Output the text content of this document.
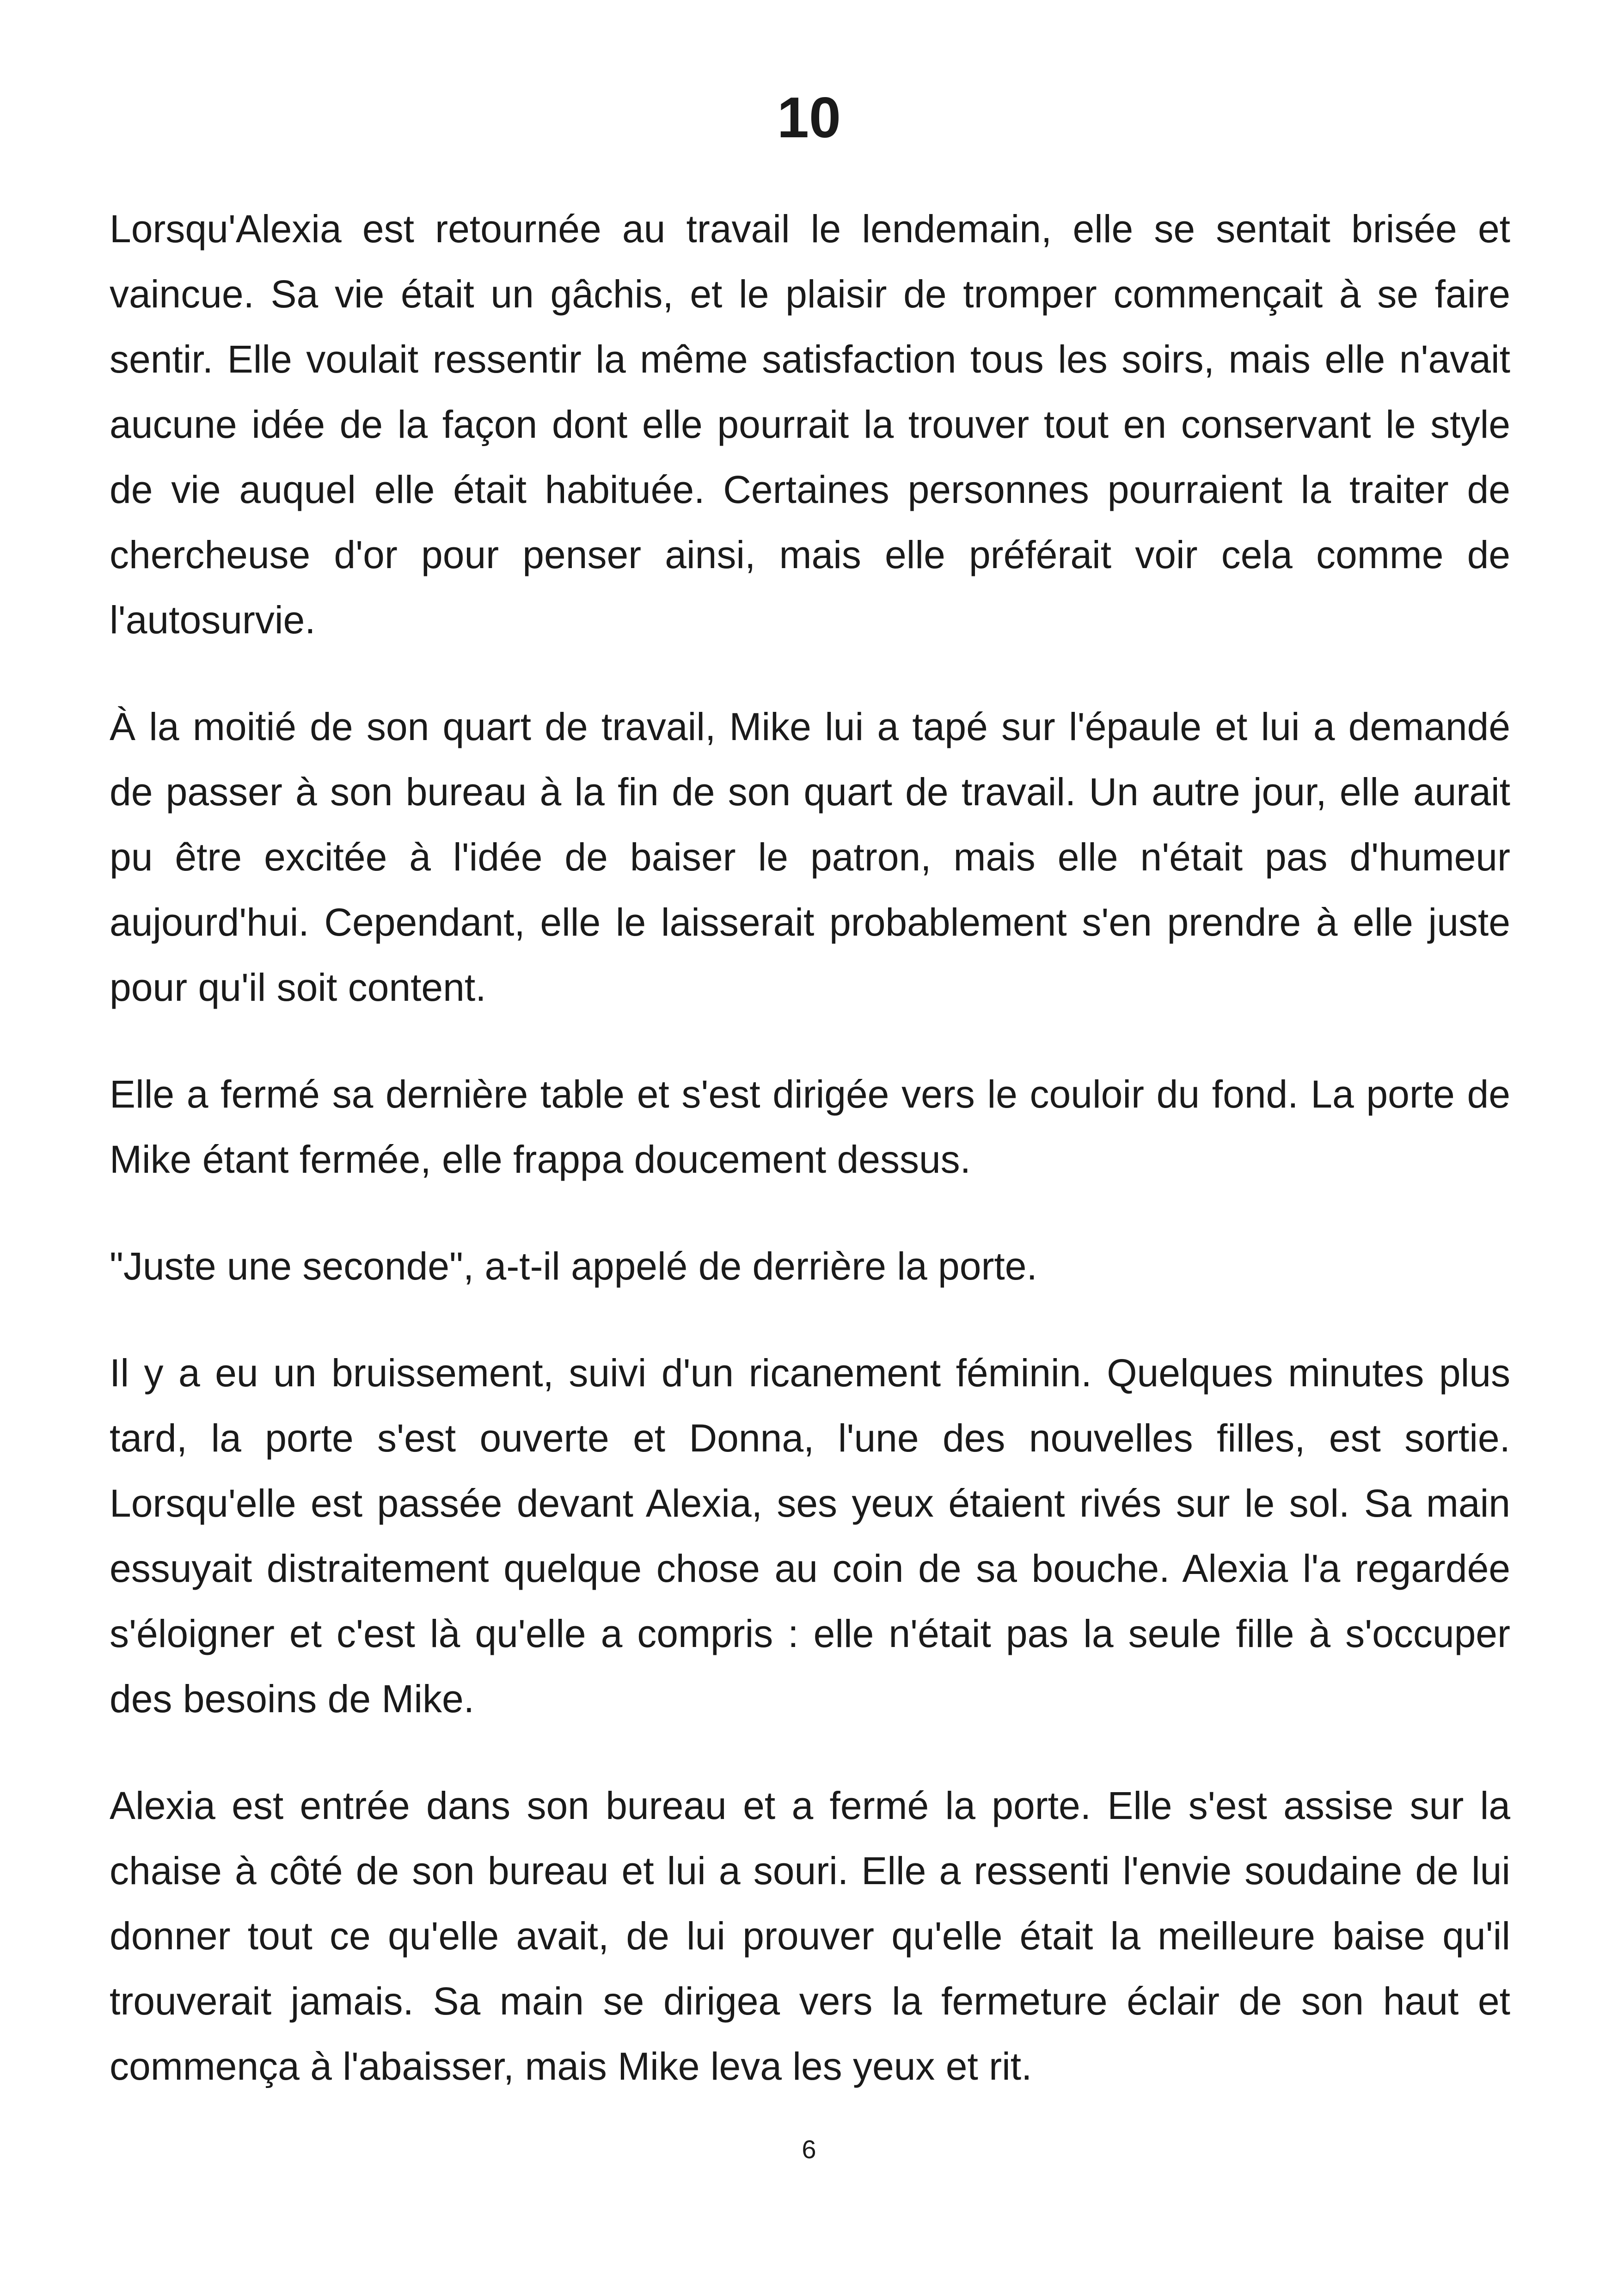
10

Lorsqu'Alexia est retournée au travail le lendemain, elle se sentait brisée et vaincue. Sa vie était un gâchis, et le plaisir de tromper commençait à se faire sentir. Elle voulait ressentir la même satisfaction tous les soirs, mais elle n'avait aucune idée de la façon dont elle pourrait la trouver tout en conservant le style de vie auquel elle était habituée. Certaines personnes pourraient la traiter de chercheuse d'or pour penser ainsi, mais elle préférait voir cela comme de l'autosurvie.

À la moitié de son quart de travail, Mike lui a tapé sur l'épaule et lui a demandé de passer à son bureau à la fin de son quart de travail. Un autre jour, elle aurait pu être excitée à l'idée de baiser le patron, mais elle n'était pas d'humeur aujourd'hui. Cependant, elle le laisserait probablement s'en prendre à elle juste pour qu'il soit content.

Elle a fermé sa dernière table et s'est dirigée vers le couloir du fond. La porte de Mike étant fermée, elle frappa doucement dessus.

"Juste une seconde", a-t-il appelé de derrière la porte.

Il y a eu un bruissement, suivi d'un ricanement féminin. Quelques minutes plus tard, la porte s'est ouverte et Donna, l'une des nouvelles filles, est sortie. Lorsqu'elle est passée devant Alexia, ses yeux étaient rivés sur le sol. Sa main essuyait distraitement quelque chose au coin de sa bouche. Alexia l'a regardée s'éloigner et c'est là qu'elle a compris : elle n'était pas la seule fille à s'occuper des besoins de Mike.

Alexia est entrée dans son bureau et a fermé la porte. Elle s'est assise sur la chaise à côté de son bureau et lui a souri. Elle a ressenti l'envie soudaine de lui donner tout ce qu'elle avait, de lui prouver qu'elle était la meilleure baise qu'il trouverait jamais. Sa main se dirigea vers la fermeture éclair de son haut et commença à l'abaisser, mais Mike leva les yeux et rit.

6
